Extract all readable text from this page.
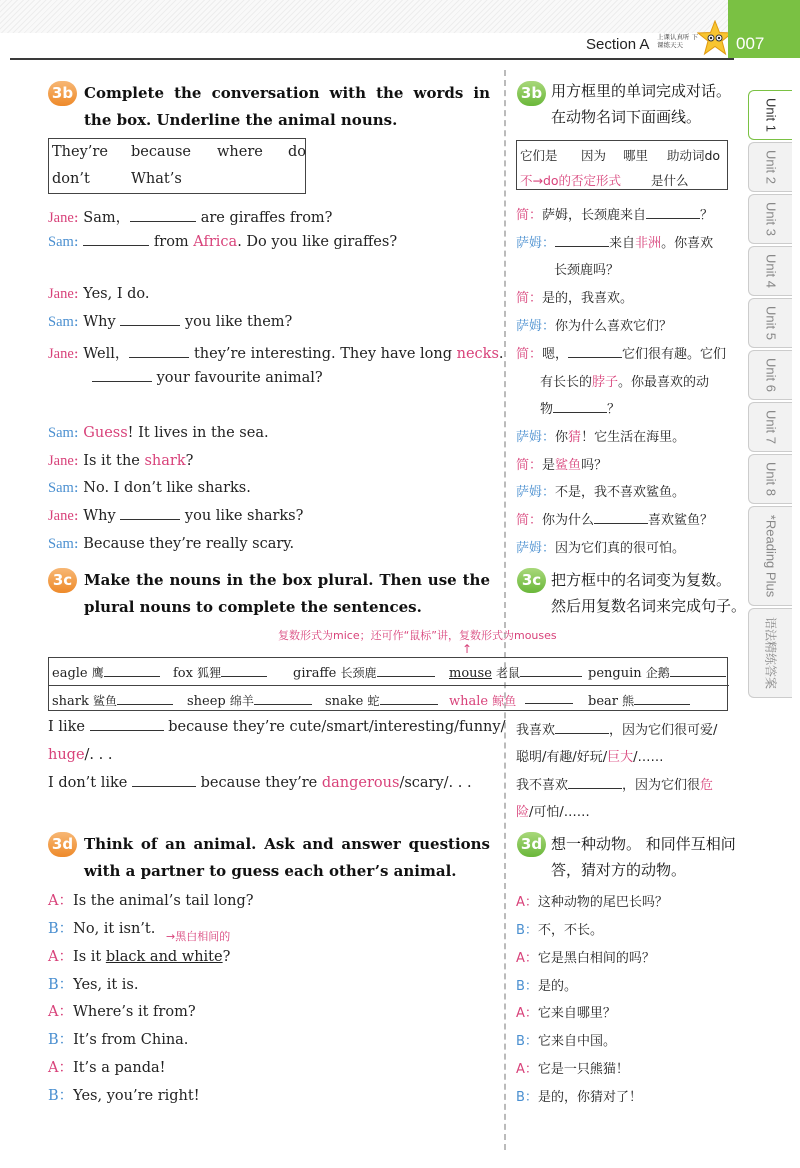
Section A 上课认真听 下课练天天	007
Unit 1
Unit 2
Unit 3
Unit 4
Unit 5
Unit 6
Unit 7
Unit 8
*Reading Plus
语法精练答案
3b Complete the conversation with the words in the box. Underline the animal nouns.
They’re because where do
don’t	What’s
Jane: Sam，	are giraffes from?
Sam:	from Africa. Do you like giraffes?
Jane: Yes, I do.
Sam: Why	you like them?
Jane: Well，	they’re interesting. They have long necks.
your favourite animal?
Sam: Guess! It lives in the sea.
Jane: Is it the shark?
Sam: No. I don’t like sharks.
Jane: Why	you like sharks?
Sam: Because they’re really scary.
3b 用方框里的单词完成对话。
在动物名词下面画线。
它们是 因为 哪里 助动词do
不→do的否定形式 是什么
简：萨姆，长颈鹿来自	？
萨姆：	来自非洲。你喜欢
长颈鹿吗？
简：是的，我喜欢。
萨姆：你为什么喜欢它们？
简：嗯，	它们很有趣。它们
有长长的脖子。你最喜欢的动
物	？
萨姆：你猜！它生活在海里。
简：是鲨鱼吗？
萨姆：不是，我不喜欢鲨鱼。
简：你为什么	喜欢鲨鱼？
萨姆：因为它们真的很可怕。
3c Make the nouns in the box plural. Then use the plural nouns to complete the sentences.
3c 把方框中的名词变为复数。
然后用复数名词来完成句子。
复数形式为mice；还可作“鼠标”讲，复数形式为mouses
↑
eagle 鹰	fox 狐狸	giraffe 长颈鹿	mouse 老鼠	penguin 企鹅
shark 鲨鱼	sheep 绵羊	snake 蛇	whale 鲸鱼	bear 熊
I like	because they’re cute/smart/interesting/funny/
huge/. . .
I don’t like	because they’re dangerous/scary/. . .
我喜欢	，因为它们很可爱/
聪明/有趣/好玩/巨大/……
我不喜欢	，因为它们很危
险/可怕/……
3d Think of an animal. Ask and answer questions with a partner to guess each other’s animal.
3d 想一种动物。 和同伴互相问
答，猜对方的动物。
→黑白相间的
A：Is the animal’s tail long?
B：No, it isn’t.
A：Is it black and white?
B：Yes, it is.
A：Where’s it from?
B：It’s from China.
A：It’s a panda!
B：Yes, you’re right!
A：这种动物的尾巴长吗？
B：不，不长。
A：它是黑白相间的吗？
B：是的。
A：它来自哪里？
B：它来自中国。
A：它是一只熊猫！
B：是的，你猜对了！
